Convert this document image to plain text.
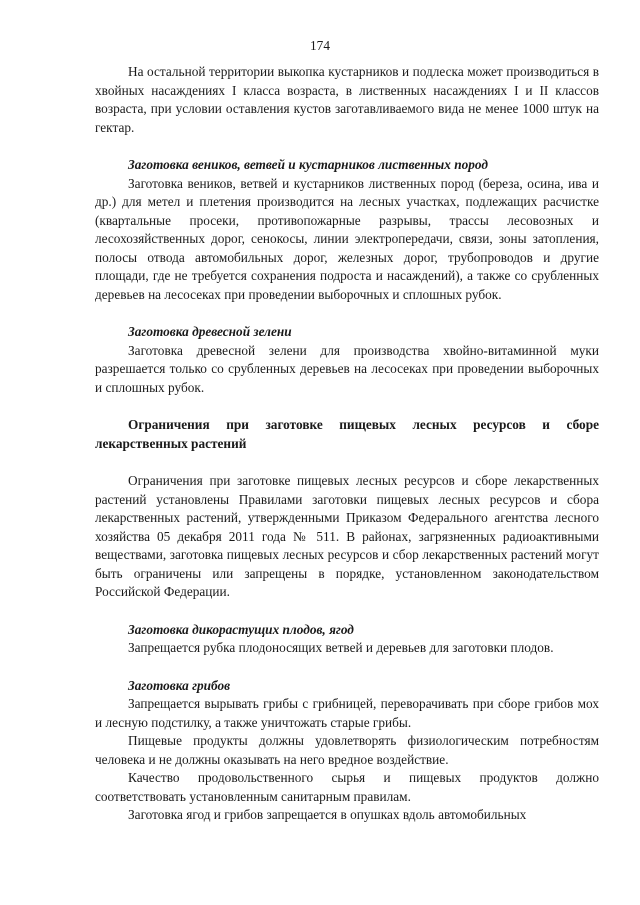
174

На остальной территории выкопка кустарников и подлеска может производиться в хвойных насаждениях I класса возраста, в лиственных насаждениях I и II классов возраста, при условии оставления кустов заготавливаемого вида не менее 1000 штук на гектар.

Заготовка веников, ветвей и кустарников лиственных пород

Заготовка веников, ветвей и кустарников лиственных пород (береза, осина, ива и др.) для метел и плетения производится на лесных участках, подлежащих расчистке (квартальные просеки, противопожарные разрывы, трассы лесовозных и лесохозяйственных дорог, сенокосы, линии электропередачи, связи, зоны затопления, полосы отвода автомобильных дорог, железных дорог, трубопроводов и другие площади, где не требуется сохранения подроста и насаждений), а также со срубленных деревьев на лесосеках при проведении выборочных и сплошных рубок.

Заготовка древесной зелени

Заготовка древесной зелени для производства хвойно-витаминной муки разрешается только со срубленных деревьев на лесосеках при проведении выборочных и сплошных рубок.

Ограничения при заготовке пищевых лесных ресурсов и сборе лекарственных растений

Ограничения при заготовке пищевых лесных ресурсов и сборе лекарственных растений установлены Правилами заготовки пищевых лесных ресурсов и сбора лекарственных растений, утвержденными Приказом Федерального агентства лесного хозяйства 05 декабря 2011 года № 511. В районах, загрязненных радиоактивными веществами, заготовка пищевых лесных ресурсов и сбор лекарственных растений могут быть ограничены или запрещены в порядке, установленном законодательством Российской Федерации.

Заготовка дикорастущих плодов, ягод

Запрещается рубка плодоносящих ветвей и деревьев для заготовки плодов.

Заготовка грибов

Запрещается вырывать грибы с грибницей, переворачивать при сборе грибов мох и лесную подстилку, а также уничтожать старые грибы.

Пищевые продукты должны удовлетворять физиологическим потребностям человека и не должны оказывать на него вредное воздействие.

Качество продовольственного сырья и пищевых продуктов должно соответствовать установленным санитарным правилам.

Заготовка ягод и грибов запрещается в опушках вдоль автомобильных
